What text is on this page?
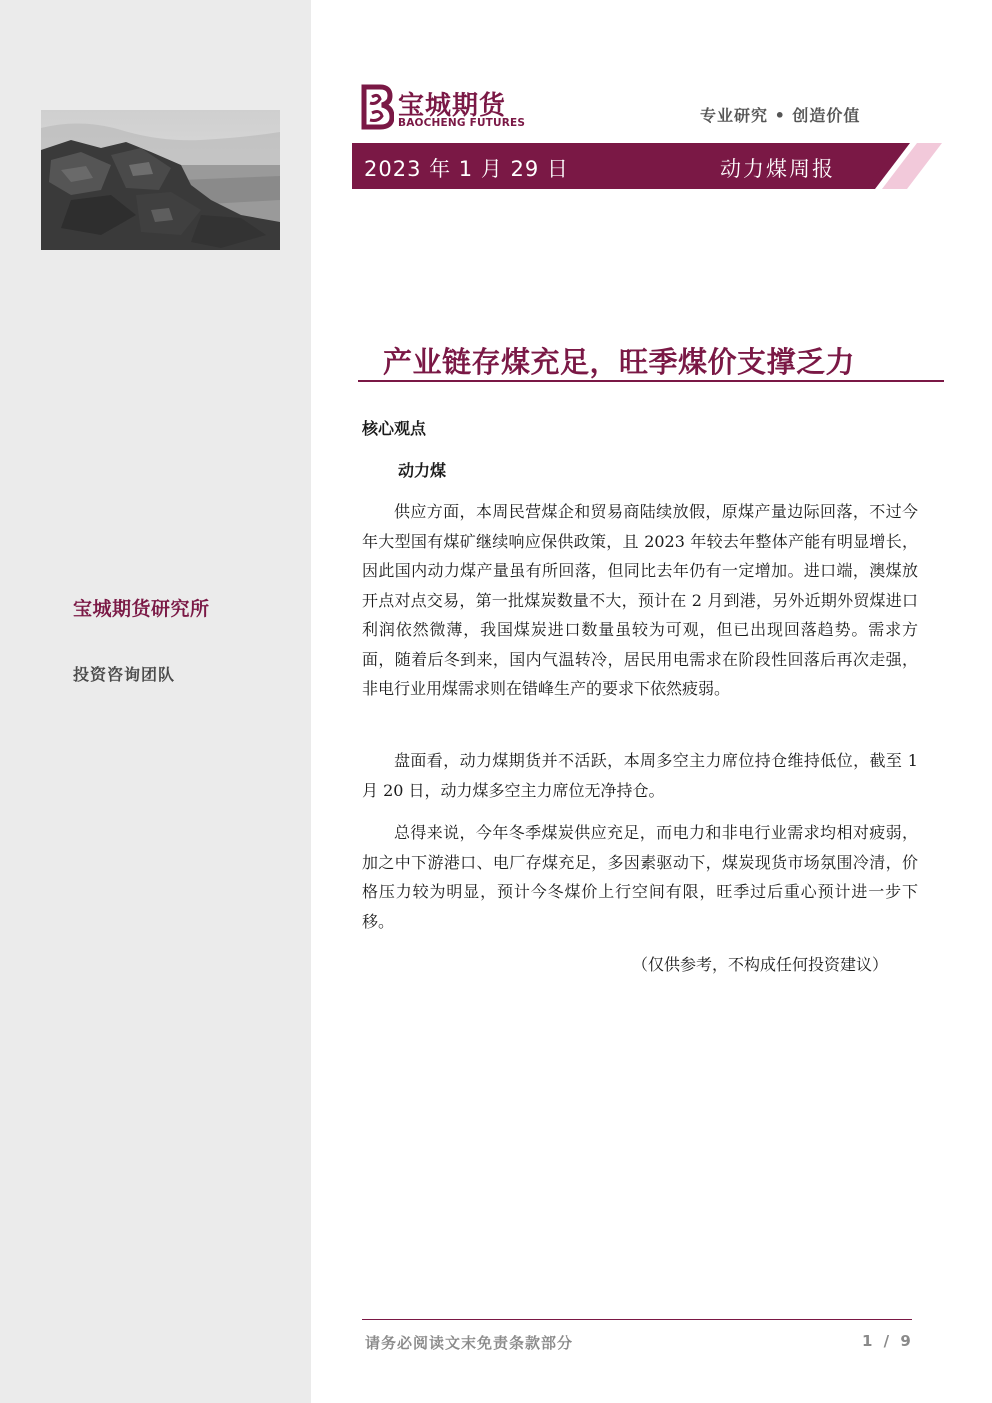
宝城期货研究所
投资咨询团队
宝城期货
BAOCHENG FUTURES	专业研究 • 创造价值
2023 年 1 月 29 日	动力煤周报
产业链存煤充足，旺季煤价支撑乏力
核心观点
动力煤
供应方面，本周民营煤企和贸易商陆续放假，原煤产量边际回落，不过今年大型国有煤矿继续响应保供政策，且 2023 年较去年整体产能有明显增长，因此国内动力煤产量虽有所回落，但同比去年仍有一定增加。进口端，澳煤放开点对点交易，第一批煤炭数量不大，预计在 2 月到港，另外近期外贸煤进口利润依然微薄，我国煤炭进口数量虽较为可观，但已出现回落趋势。需求方面，随着后冬到来，国内气温转冷，居民用电需求在阶段性回落后再次走强，非电行业用煤需求则在错峰生产的要求下依然疲弱。
盘面看，动力煤期货并不活跃，本周多空主力席位持仓维持低位，截至 1 月 20 日，动力煤多空主力席位无净持仓。
总得来说，今年冬季煤炭供应充足，而电力和非电行业需求均相对疲弱，加之中下游港口、电厂存煤充足，多因素驱动下，煤炭现货市场氛围冷清，价格压力较为明显，预计今冬煤价上行空间有限，旺季过后重心预计进一步下移。
（仅供参考，不构成任何投资建议）
请务必阅读文末免责条款部分	1 / 9
